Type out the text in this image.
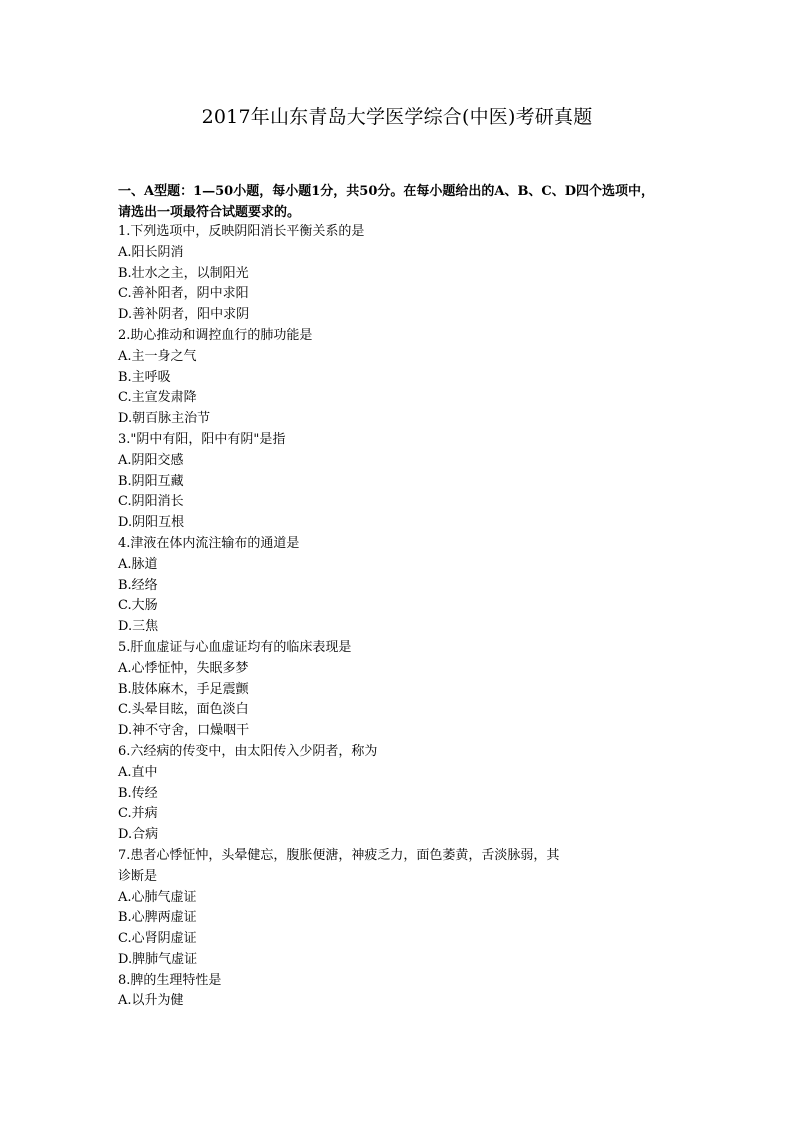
2017年山东青岛大学医学综合(中医)考研真题
一、A型题：1—50小题，每小题1分，共50分。在每小题给出的A、B、C、D四个选项中，
请选出一项最符合试题要求的。
1.下列选项中，反映阴阳消长平衡关系的是
A.阳长阴消
B.壮水之主，以制阳光
C.善补阳者，阴中求阳
D.善补阴者，阳中求阴
2.助心推动和调控血行的肺功能是
A.主一身之气
B.主呼吸
C.主宣发肃降
D.朝百脉主治节
3."阴中有阳，阳中有阴"是指
A.阴阳交感
B.阴阳互藏
C.阴阳消长
D.阴阳互根
4.津液在体内流注输布的通道是
A.脉道
B.经络
C.大肠
D.三焦
5.肝血虚证与心血虚证均有的临床表现是
A.心悸怔忡，失眠多梦
B.肢体麻木，手足震颤
C.头晕目眩，面色淡白
D.神不守舍，口燥咽干
6.六经病的传变中，由太阳传入少阴者，称为
A.直中
B.传经
C.并病
D.合病
7.患者心悸怔忡，头晕健忘，腹胀便溏，神疲乏力，面色萎黄，舌淡脉弱，其
诊断是
A.心肺气虚证
B.心脾两虚证
C.心肾阴虚证
D.脾肺气虚证
8.脾的生理特性是
A.以升为健
